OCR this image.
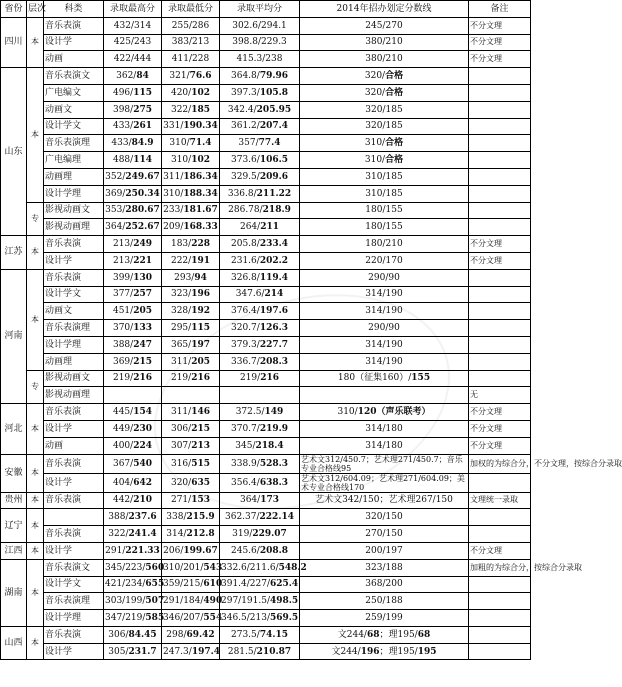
省份	层次	科类	录取最高分	录取最低分	录取平均分	2014年招办划定分数线	备注
四川	本	音乐表演	432/314	255/286	302.6/294.1	245/270	不分文理
		设计学	425/243	383/213	398.8/229.3	380/210	不分文理
		动画	422/444	411/228	415.3/238	380/210	不分文理
山东	本	音乐表演文	362/84	321/76.6	364.8/79.96	320/合格	
		广电编文	496/115	420/102	397.3/105.8	320/合格	
		动画文	398/275	322/185	342.4/205.95	320/185	
		设计学文	433/261	331/190.34	361.2/207.4	320/185	
		音乐表演理	433/84.9	310/71.4	357/77.4	310/合格	
		广电编理	488/114	310/102	373.6/106.5	310/合格	
		动画理	352/249.67	311/186.34	329.5/209.6	310/185	
		设计学理	369/250.34	310/188.34	336.8/211.22	310/185	
	专	影视动画文	353/280.67	233/181.67	286.78/218.9	180/155	
		影视动画理	364/252.67	209/168.33	264/211	180/155	
江苏	本	音乐表演	213/249	183/228	205.8/233.4	180/210	不分文理
		设计学	213/221	222/191	231.6/202.2	220/170	不分文理
河南	本	音乐表演	399/130	293/94	326.8/119.4	290/90	
		设计学文	377/257	323/196	347.6/214	314/190	
		动画文	451/205	328/192	376.4/197.6	314/190	
		音乐表演理	370/133	295/115	320.7/126.3	290/90	
		设计学理	388/247	365/197	379.3/227.7	314/190	
		动画理	369/215	311/205	336.7/208.3	314/190	
	专	影视动画文	219/216	219/216	219/216	180（征集160）/155	
		影视动画理					无
河北	本	音乐表演	445/154	311/146	372.5/149	310/120（声乐联考）	不分文理
		设计学	449/230	306/215	370.7/219.9	314/180	不分文理
		动画	400/224	307/213	345/218.4	314/180	不分文理
安徽	本	音乐表演	367/540	316/515	338.9/528.3	艺术文312/450.7；艺术理271/450.7；音乐专业合格线95	加权的为综合分，不分文理，按综合分录取
		设计学	404/642	320/635	356.4/638.3	艺术文312/604.09；艺术理271/604.09；美术专业合格线170	
贵州	本	音乐表演	442/210	271/153	364/173	艺术文342/150；艺术理267/150	文理统一录取
辽宁	本		388/237.6	338/215.9	362.37/222.14	320/150	
		音乐表演	322/241.4	314/212.8	319/229.07	270/150	
江西	本	设计学	291/221.33	206/199.67	245.6/208.8	200/197	不分文理
湖南	本	音乐表演文	345/223/560	310/201/543	332.6/211.6/548.2	323/188	加粗的为综合分，按综合分录取
		设计学文	421/234/655	359/215/610	391.4/227/625.4	368/200	
		音乐表演理	303/199/507	291/184/490	297/191.5/498.5	250/188	
		设计学理	347/219/585	346/207/554	346.5/213/569.5	259/199	
山西	本	音乐表演	306/84.45	298/69.42	273.5/74.15	文244/68；理195/68	
		设计学	305/231.7	247.3/197.4	281.5/210.87	文244/196；理195/195	
